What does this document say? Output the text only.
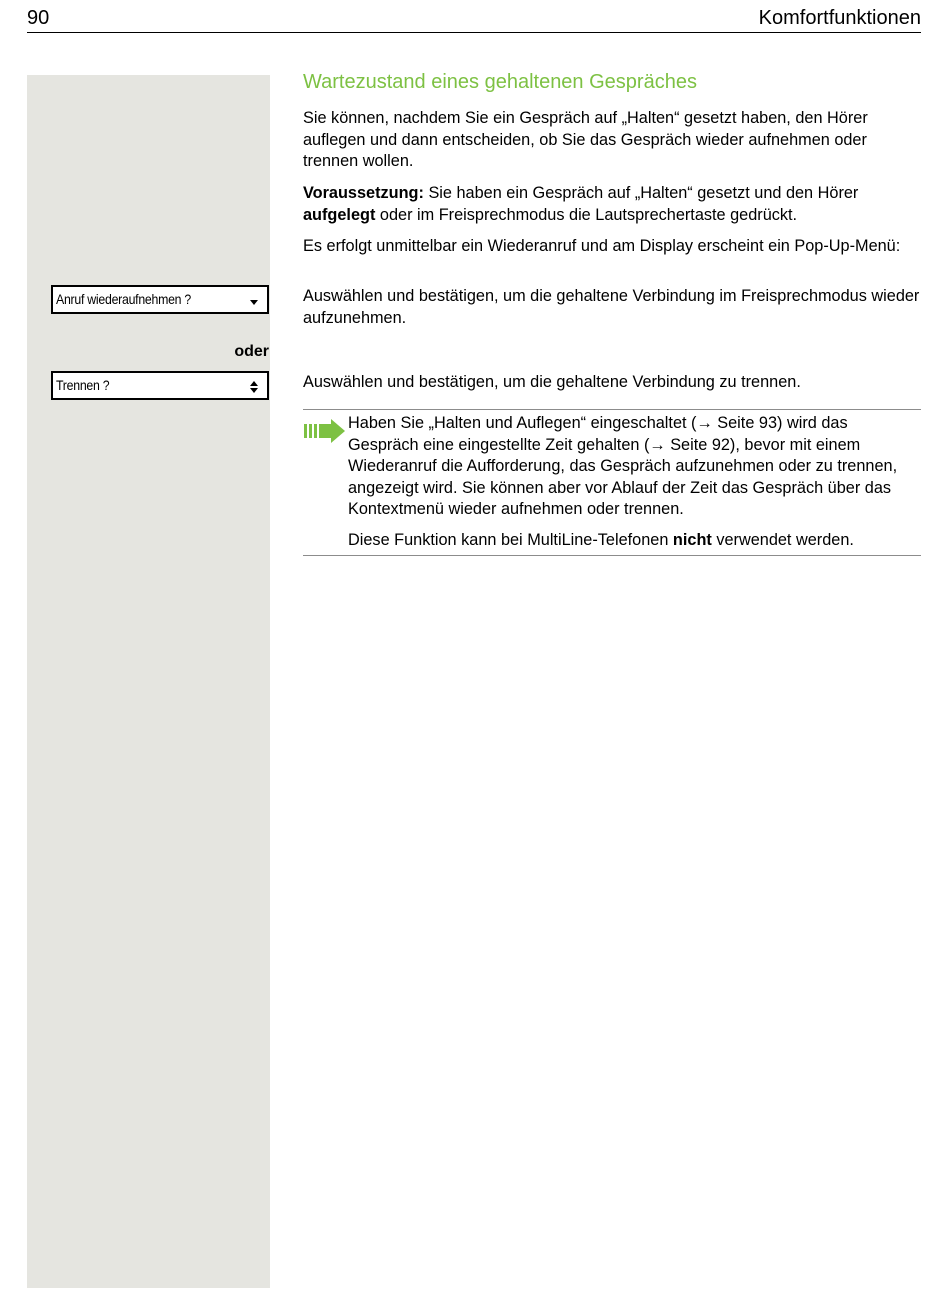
90	Komfortfunktionen
Anruf wiederaufnehmen ?
oder
Trennen ?
Wartezustand eines gehaltenen Gespräches

Sie können, nachdem Sie ein Gespräch auf „Halten“ gesetzt haben, den Hörer auflegen und dann entscheiden, ob Sie das Gespräch wieder aufnehmen oder trennen wollen.

Voraussetzung: Sie haben ein Gespräch auf „Halten“ gesetzt und den Hörer aufgelegt oder im Freisprechmodus die Lautsprechertaste gedrückt.

Es erfolgt unmittelbar ein Wiederanruf und am Display erscheint ein Pop-Up-Menü:

Auswählen und bestätigen, um die gehaltene Verbindung im Freisprechmodus wieder aufzunehmen.

Auswählen und bestätigen, um die gehaltene Verbindung zu trennen.

Haben Sie „Halten und Auflegen“ eingeschaltet (→ Seite 93) wird das Gespräch eine eingestellte Zeit gehalten (→ Seite 92), bevor mit einem Wiederanruf die Aufforderung, das Gespräch aufzunehmen oder zu trennen, angezeigt wird. Sie können aber vor Ablauf der Zeit das Gespräch über das Kontextmenü wieder aufnehmen oder trennen.

Diese Funktion kann bei MultiLine-Telefonen nicht verwendet werden.
